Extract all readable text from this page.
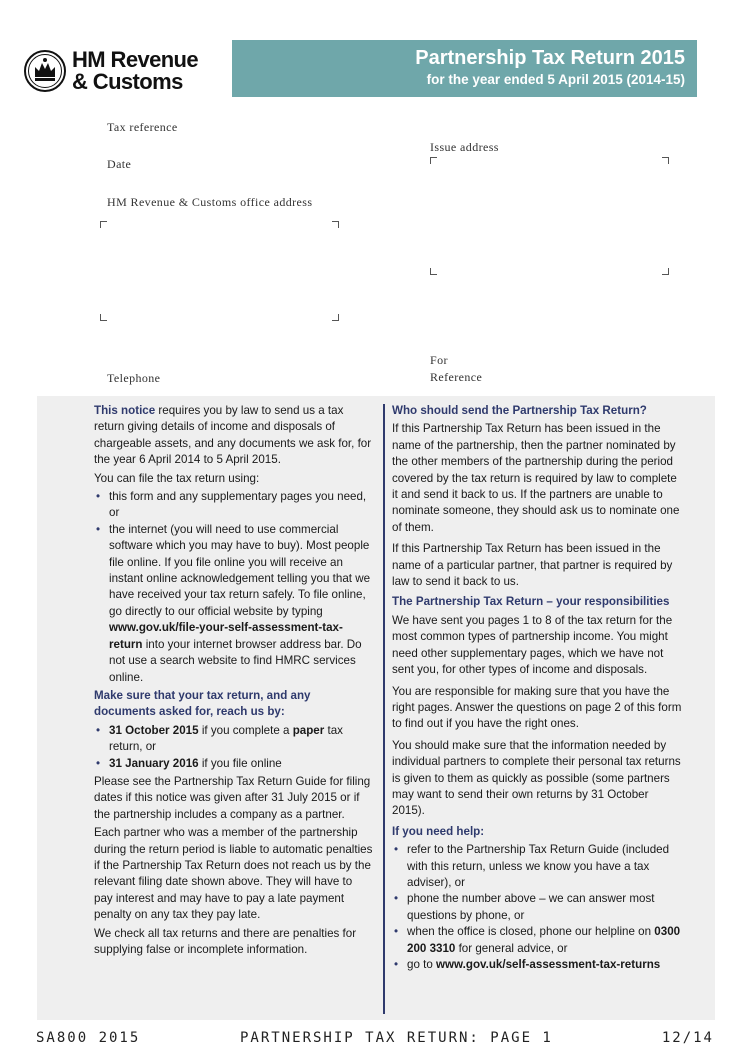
HM Revenue
& Customs
Partnership Tax Return 2015
for the year ended 5 April 2015 (2014-15)
Tax reference
Date
HM Revenue & Customs office address
Telephone
Issue address
For
Reference

This notice requires you by law to send us a tax return giving details of income and disposals of chargeable assets, and any documents we ask for, for the year 6 April 2014 to 5 April 2015.

You can file the tax return using:

• this form and any supplementary pages you need, or
• the internet (you will need to use commercial software which you may have to buy). Most people file online. If you file online you will receive an instant online acknowledgement telling you that we have received your tax return safely. To file online, go directly to our official website by typing www.gov.uk/file-your-self-assessment-tax-return into your internet browser address bar. Do not use a search website to find HMRC services online.

Make sure that your tax return, and any documents asked for, reach us by:

• 31 October 2015 if you complete a paper tax return, or
• 31 January 2016 if you file online

Please see the Partnership Tax Return Guide for filing dates if this notice was given after 31 July 2015 or if the partnership includes a company as a partner.

Each partner who was a member of the partnership during the return period is liable to automatic penalties if the Partnership Tax Return does not reach us by the relevant filing date shown above. They will have to pay interest and may have to pay a late payment penalty on any tax they pay late.

We check all tax returns and there are penalties for supplying false or incomplete information.

Who should send the Partnership Tax Return?

If this Partnership Tax Return has been issued in the name of the partnership, then the partner nominated by the other members of the partnership during the period covered by the tax return is required by law to complete it and send it back to us. If the partners are unable to nominate someone, they should ask us to nominate one of them.

If this Partnership Tax Return has been issued in the name of a particular partner, that partner is required by law to send it back to us.

The Partnership Tax Return – your responsibilities

We have sent you pages 1 to 8 of the tax return for the most common types of partnership income. You might need other supplementary pages, which we have not sent you, for other types of income and disposals.

You are responsible for making sure that you have the right pages. Answer the questions on page 2 of this form to find out if you have the right ones.

You should make sure that the information needed by individual partners to complete their personal tax returns is given to them as quickly as possible (some partners may want to send their own returns by 31 October 2015).

If you need help:

• refer to the Partnership Tax Return Guide (included with this return, unless we know you have a tax adviser), or
• phone the number above – we can answer most questions by phone, or
• when the office is closed, phone our helpline on 0300 200 3310 for general advice, or
• go to www.gov.uk/self-assessment-tax-returns
SA800 2015	PARTNERSHIP TAX RETURN: PAGE 1	12/14
